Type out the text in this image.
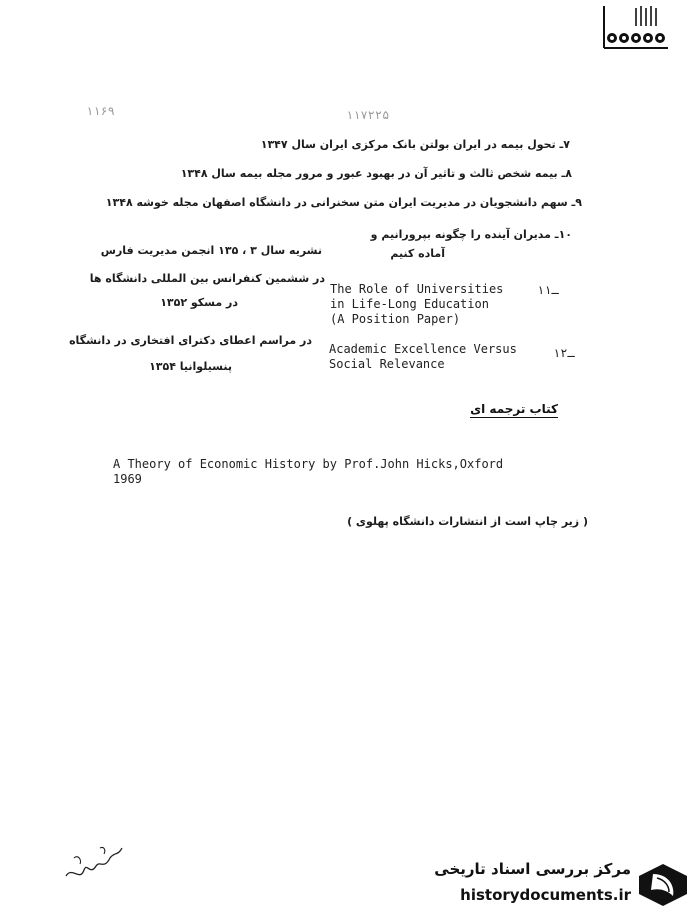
۱۱۶۹	۱۱۷۲۲۵
۷ـ تحول بیمه در ایران بولتن بانک مرکزی ایران سال ۱۳۴۷
۸ـ بیمه شخص ثالث و تاثیر آن در بهبود عبور و مرور مجله بیمه سال ۱۳۴۸
۹ـ سهم دانشجویان در مدیریت ایران متن سخنرانی در دانشگاه اصفهان مجله خوشه ۱۳۴۸
۱۰ـ مدیران آینده را چگونه بپرورانیم و
آماده کنیم
نشریه سال ۳ ، ۱۳۵ انجمن مدیریت فارس
۱۱ـ
The Role of Universities
in Life-Long Education
(A Position Paper)
در ششمین کنفرانس بین المللی دانشگاه ها
در مسکو ۱۳۵۲
۱۲ـ
Academic Excellence Versus
Social Relevance
در مراسم اعطای دکترای افتخاری در دانشگاه
پنسیلوانیا ۱۳۵۴
کتاب ترجمه ای
A Theory of Economic History by Prof.John Hicks,Oxford
1969
( زیر چاپ است از انتشارات دانشگاه پهلوی )
مرکز بررسی اسناد تاریخی
historydocuments.ir
